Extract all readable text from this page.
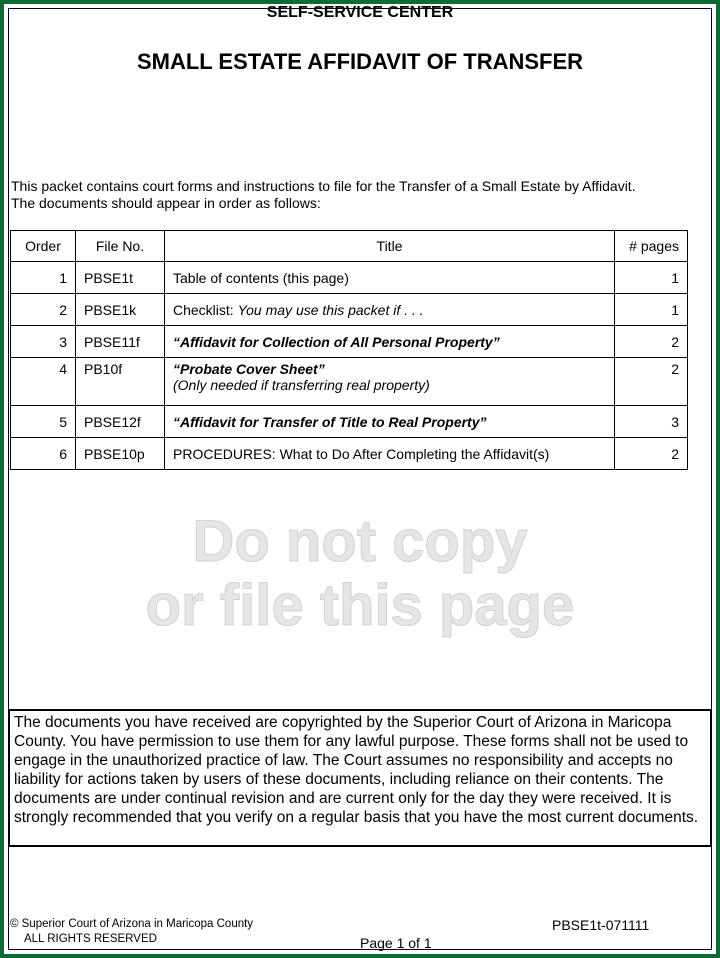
SELF-SERVICE CENTER
SMALL ESTATE AFFIDAVIT OF TRANSFER
This packet contains court forms and instructions to file for the Transfer of a Small Estate by Affidavit.
The documents should appear in order as follows:
Order	File No.	Title	# pages
1	PBSE1t	Table of contents (this page)	1
2	PBSE1k	Checklist: You may use this packet if . . .	1
3	PBSE11f	“Affidavit for Collection of All Personal Property”	2
4	PB10f	“Probate Cover Sheet”
(Only needed if transferring real property)	2
5	PBSE12f	“Affidavit for Transfer of Title to Real Property”	3
6	PBSE10p	PROCEDURES: What to Do After Completing the Affidavit(s)	2
Do not copy
or file this page
The documents you have received are copyrighted by the Superior Court of Arizona in Maricopa County. You have permission to use them for any lawful purpose. These forms shall not be used to engage in the unauthorized practice of law. The Court assumes no responsibility and accepts no liability for actions taken by users of these documents, including reliance on their contents. The documents are under continual revision and are current only for the day they were received. It is strongly recommended that you verify on a regular basis that you have the most current documents.
© Superior Court of Arizona in Maricopa County
ALL RIGHTS RESERVED
PBSE1t-071111
Page 1 of 1
